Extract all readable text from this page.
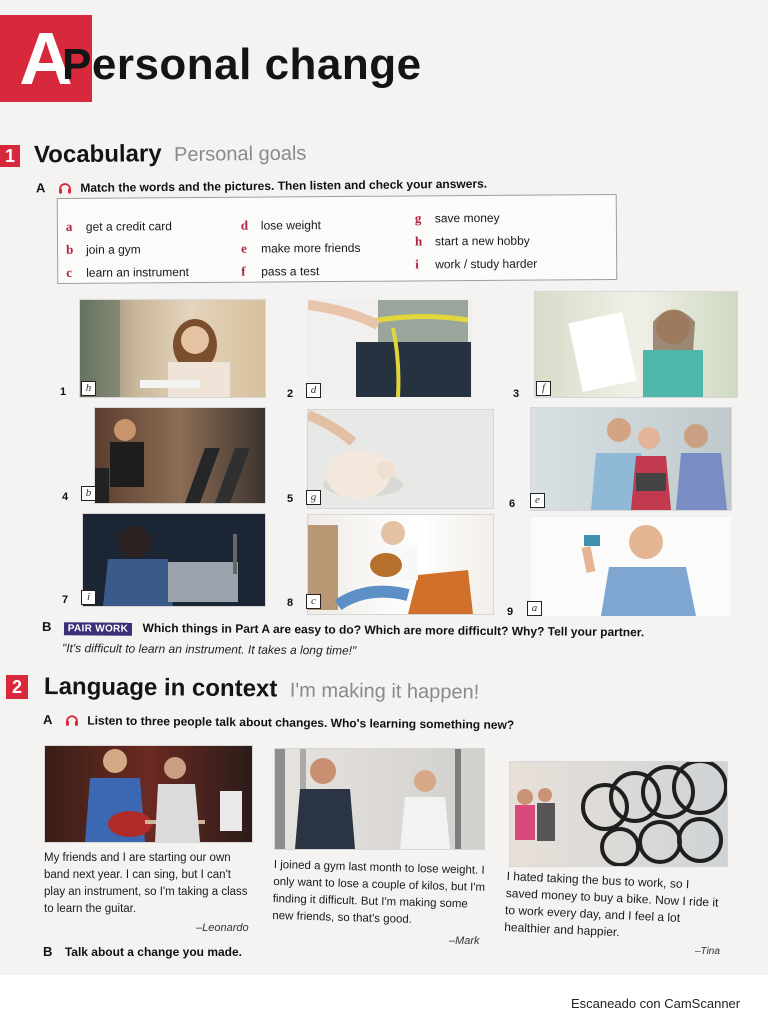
A
Personal change
1 Vocabulary Personal goals
A	Match the words and the pictures. Then listen and check your answers.
a get a credit card
b join a gym
c learn an instrument
d lose weight
e make more friends
f pass a test
g save money
h start a new hobby
i work / study harder
1	h	2	d	3	f
4	b	5	g
6	e
7	i	8	c
9	a
B PAIR WORK Which things in Part A are easy to do? Which are more difficult? Why? Tell your partner.
"It's difficult to learn an instrument. It takes a long time!"
2 Language in context I'm making it happen!
A	Listen to three people talk about changes. Who's learning something new?
My friends and I are starting our own band next year. I can sing, but I can't play an instrument, so I'm taking a class to learn the guitar.
–Leonardo
I joined a gym last month to lose weight. I only want to lose a couple of kilos, but I'm finding it difficult. But I'm making some new friends, so that's good.
–Mark
I hated taking the bus to work, so I saved money to buy a bike. Now I ride it to work every day, and I feel a lot healthier and happier.
–Tina
B Talk about a change you made.
Escaneado con CamScanner
